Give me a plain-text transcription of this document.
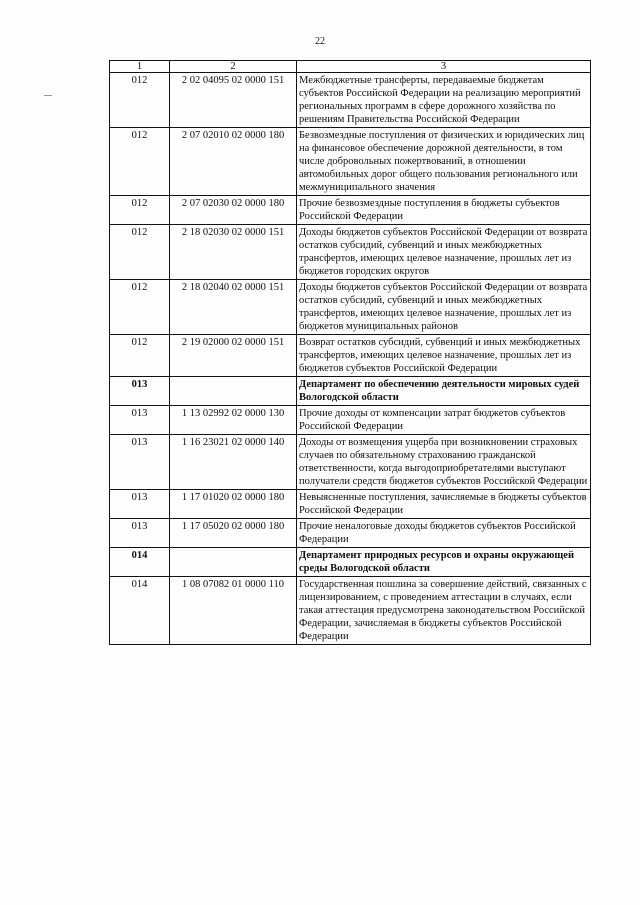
22
1	2	3
012	2 02 04095 02 0000 151	Межбюджетные трансферты, передаваемые бюджетам субъектов Российской Федерации на реализацию мероприятий региональных программ в сфере дорожного хозяйства по решениям Правительства Российской Федерации
012	2 07 02010 02 0000 180	Безвозмездные поступления от физических и юридических лиц на финансовое обеспечение дорожной деятельности, в том числе добровольных пожертвований, в отношении автомобильных дорог общего пользования регионального или межмуниципального значения
012	2 07 02030 02 0000 180	Прочие безвозмездные поступления в бюджеты субъектов Российской Федерации
012	2 18 02030 02 0000 151	Доходы бюджетов субъектов Российской Федерации от возврата остатков субсидий, субвенций и иных межбюджетных трансфертов, имеющих целевое назначение, прошлых лет из бюджетов городских округов
012	2 18 02040 02 0000 151	Доходы бюджетов субъектов Российской Федерации от возврата остатков субсидий, субвенций и иных межбюджетных трансфертов, имеющих целевое назначение, прошлых лет из бюджетов муниципальных районов
012	2 19 02000 02 0000 151	Возврат остатков субсидий, субвенций и иных межбюджетных трансфертов, имеющих целевое назначение, прошлых лет из бюджетов субъектов Российской Федерации
013		Департамент по обеспечению деятельности мировых судей Вологодской области
013	1 13 02992 02 0000 130	Прочие доходы от компенсации затрат бюджетов субъектов Российской Федерации
013	1 16 23021 02 0000 140	Доходы от возмещения ущерба при возникновении страховых случаев по обязательному страхованию гражданской ответственности, когда выгодоприобретателями выступают получатели средств бюджетов субъектов Российской Федерации
013	1 17 01020 02 0000 180	Невыясненные поступления, зачисляемые в бюджеты субъектов Российской Федерации
013	1 17 05020 02 0000 180	Прочие неналоговые доходы бюджетов субъектов Российской Федерации
014		Департамент природных ресурсов и охраны окружающей среды Вологодской области
014	1 08 07082 01 0000 110	Государственная пошлина за совершение действий, связанных с лицензированием, с проведением аттестации в случаях, если такая аттестация предусмотрена законодательством Российской Федерации, зачисляемая в бюджеты субъектов Российской Федерации
